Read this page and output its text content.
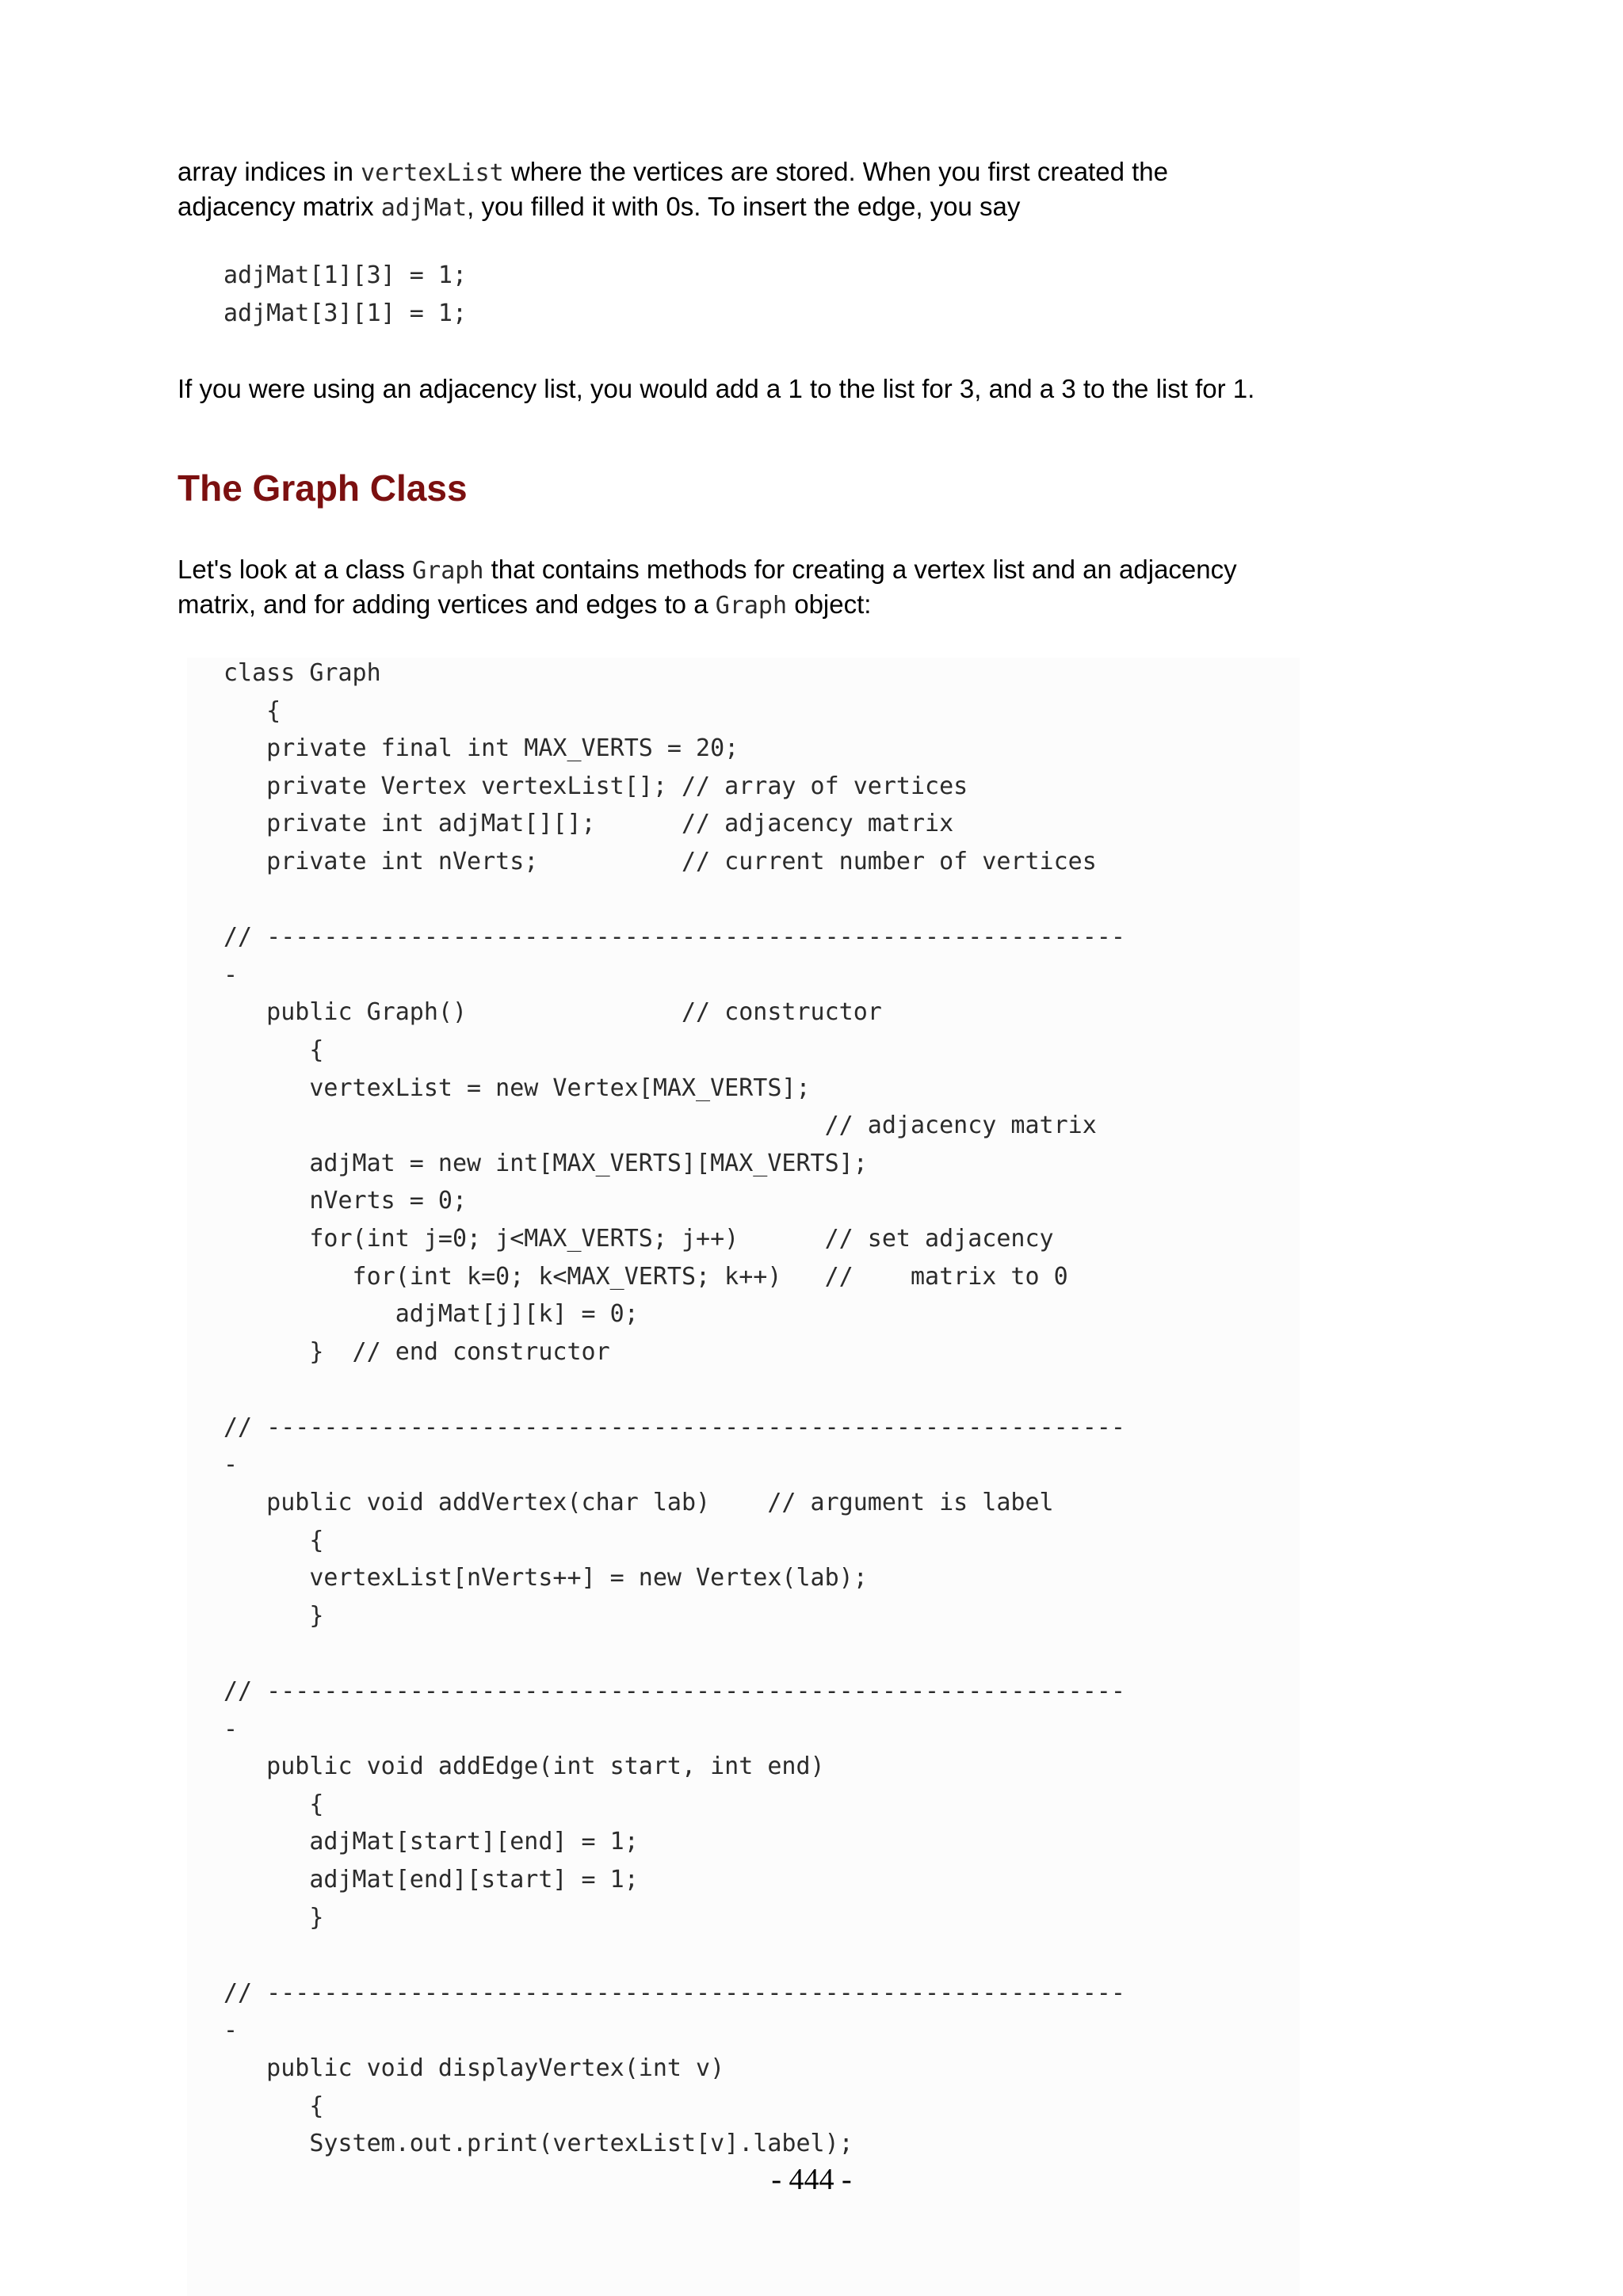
array indices in vertexList where the vertices are stored. When you first created the adjacency matrix adjMat, you filled it with 0s. To insert the edge, you say

adjMat[1][3] = 1;
adjMat[3][1] = 1;

If you were using an adjacency list, you would add a 1 to the list for 3, and a 3 to the list for 1.

The Graph Class

Let's look at a class Graph that contains methods for creating a vertex list and an adjacency matrix, and for adding vertices and edges to a Graph object:

class Graph
{
private final int MAX_VERTS = 20;
private Vertex vertexList[]; // array of vertices
private int adjMat[][];      // adjacency matrix
private int nVerts;          // current number of vertices
// ------------------------------------------------------------
-
public Graph()               // constructor
{
vertexList = new Vertex[MAX_VERTS];
// adjacency matrix
adjMat = new int[MAX_VERTS][MAX_VERTS];
nVerts = 0;
for(int j=0; j<MAX_VERTS; j++)      // set adjacency
for(int k=0; k<MAX_VERTS; k++)   //    matrix to 0
adjMat[j][k] = 0;
}  // end constructor
// ------------------------------------------------------------
-
public void addVertex(char lab)    // argument is label
{
vertexList[nVerts++] = new Vertex(lab);
}
// ------------------------------------------------------------
-
public void addEdge(int start, int end)
{
adjMat[start][end] = 1;
adjMat[end][start] = 1;
}
// ------------------------------------------------------------
-
public void displayVertex(int v)
{
System.out.print(vertexList[v].label);

- 444 -
